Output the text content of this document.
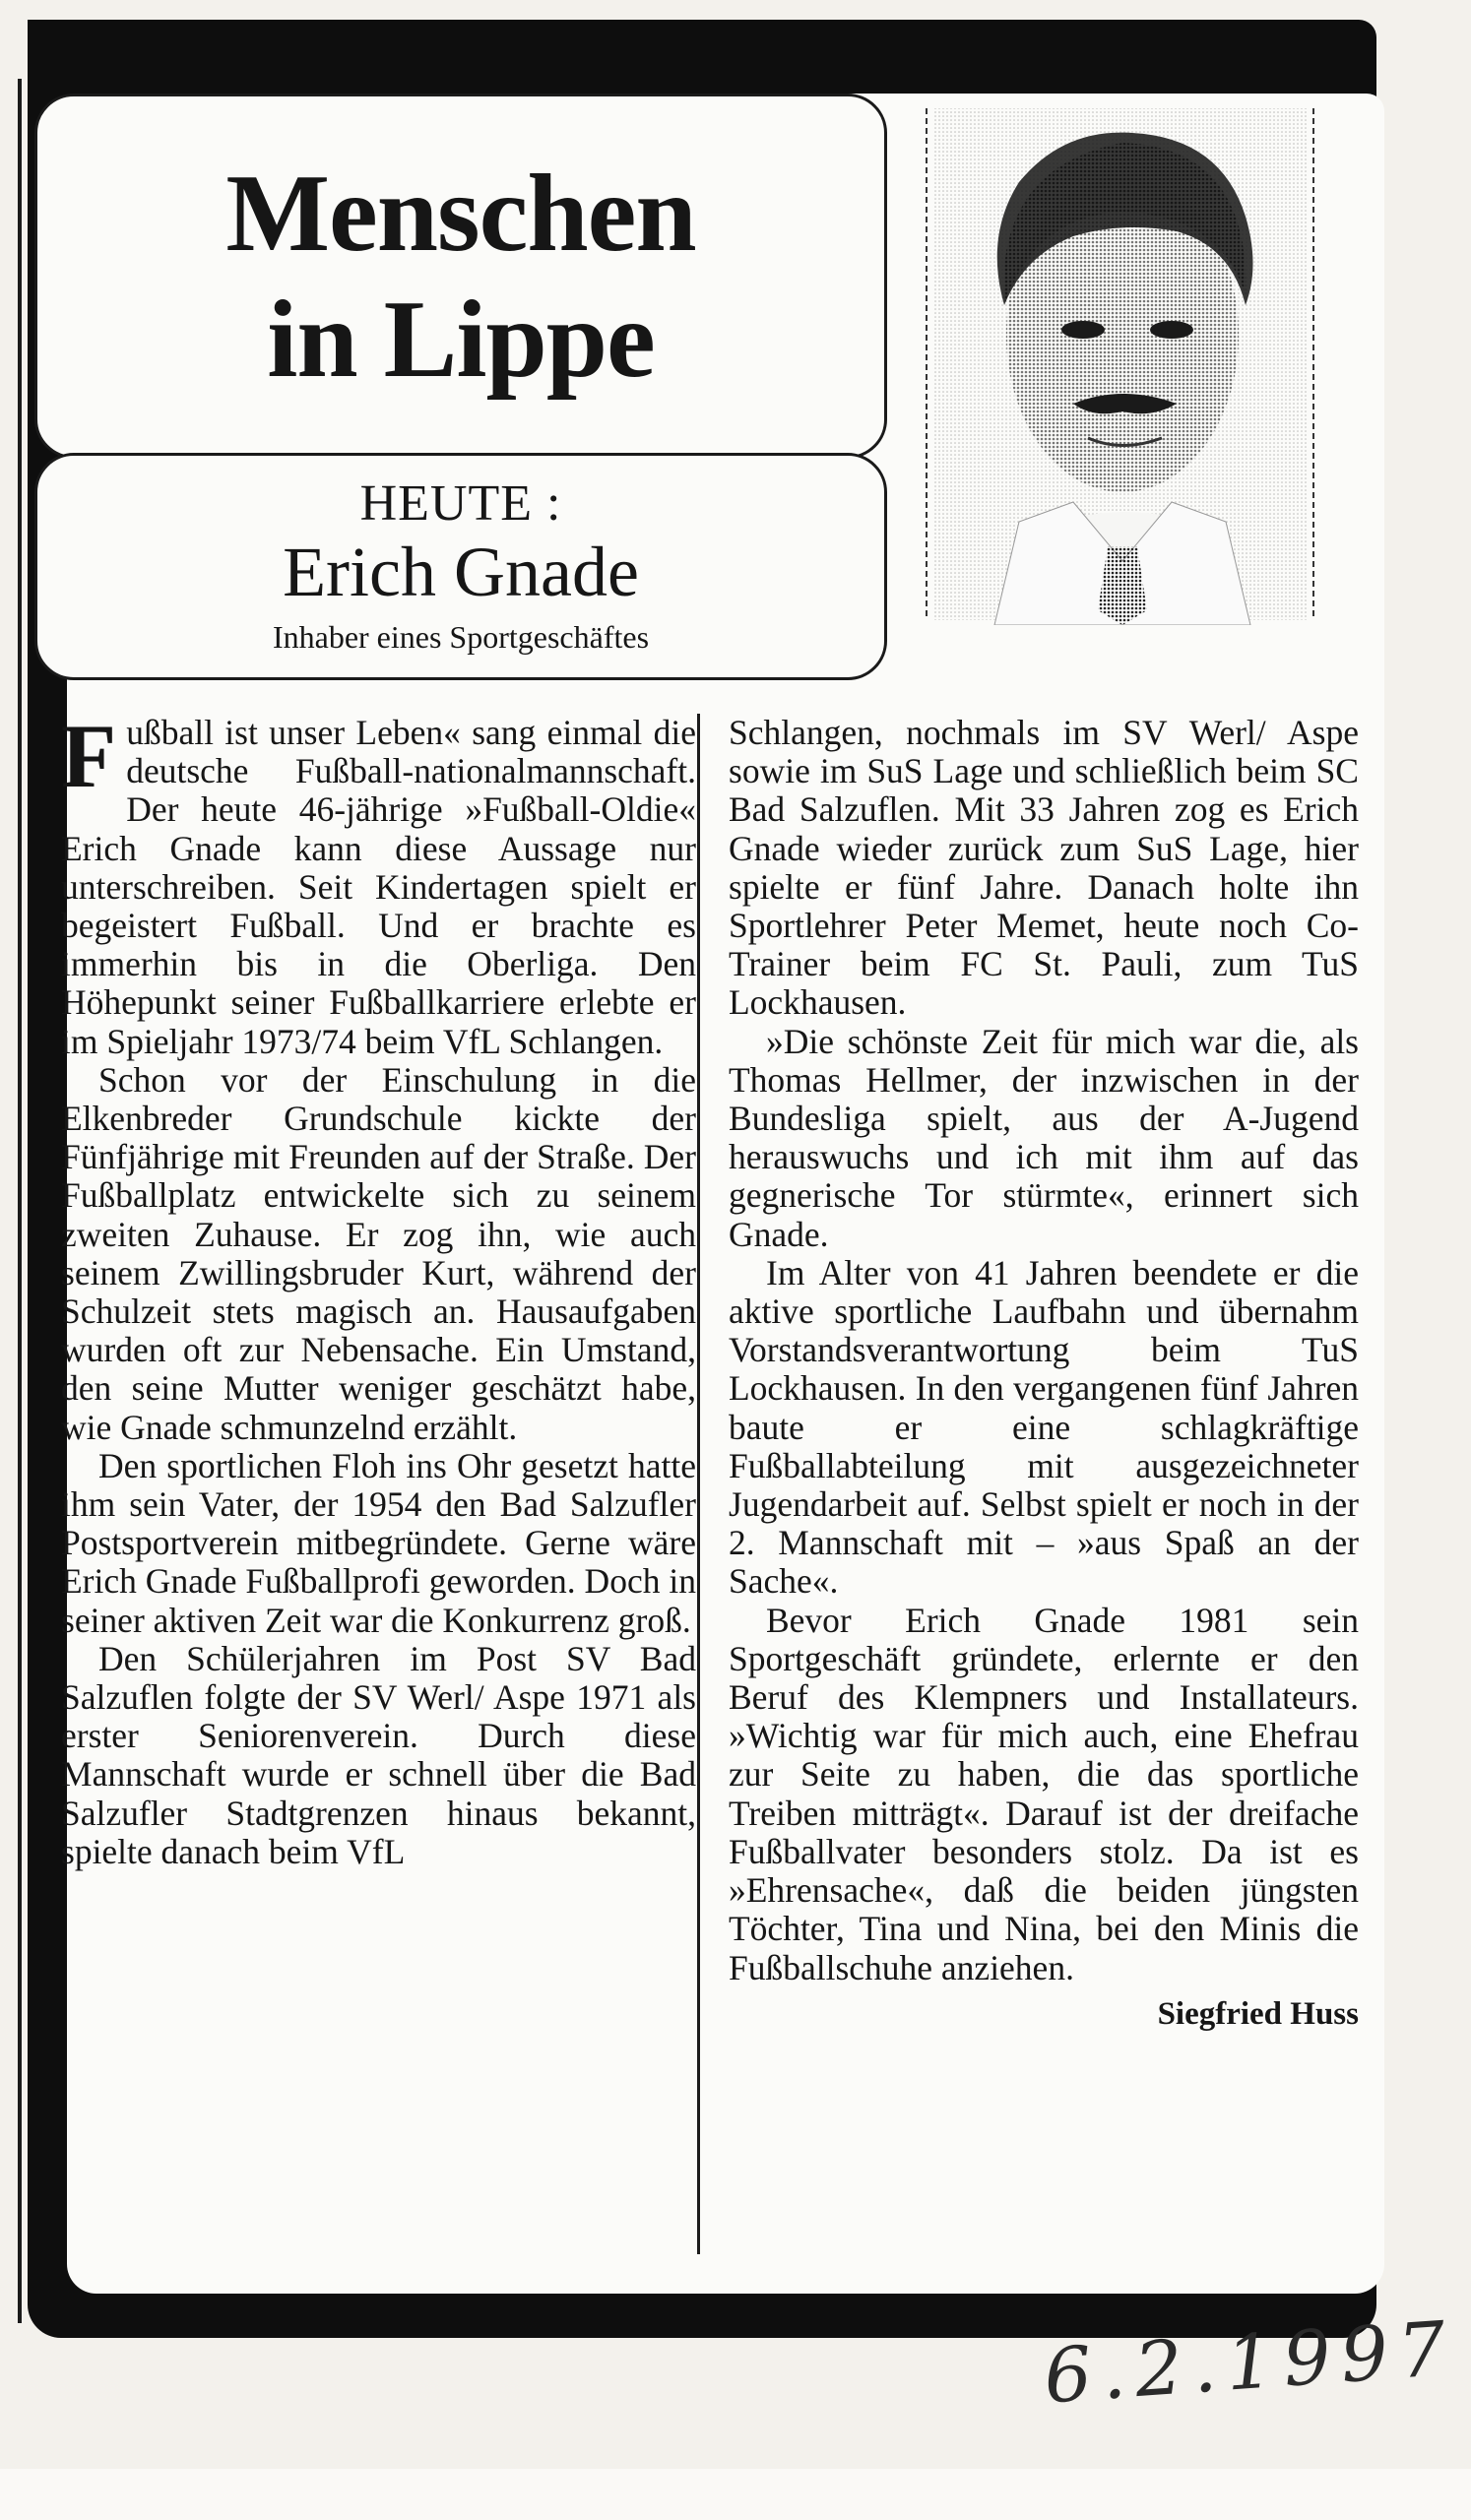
Menschen
in Lippe
HEUTE :
Erich Gnade
Inhaber eines Sportgeschäftes

Fußball ist unser Leben« sang einmal die deutsche Fußball-nationalmannschaft. Der heute 46-jährige »Fußball-Oldie« Erich Gnade kann diese Aussage nur unterschreiben. Seit Kindertagen spielt er begeistert Fußball. Und er brachte es immerhin bis in die Oberliga. Den Höhepunkt seiner Fußballkarriere erlebte er im Spieljahr 1973/74 beim VfL Schlangen.

Schon vor der Einschulung in die Elkenbreder Grundschule kickte der Fünfjährige mit Freunden auf der Straße. Der Fußballplatz entwickelte sich zu seinem zweiten Zuhause. Er zog ihn, wie auch seinem Zwillingsbruder Kurt, während der Schulzeit stets magisch an. Hausaufgaben wurden oft zur Nebensache. Ein Umstand, den seine Mutter weniger geschätzt habe, wie Gnade schmunzelnd erzählt.

Den sportlichen Floh ins Ohr gesetzt hatte ihm sein Vater, der 1954 den Bad Salzufler Postsportverein mitbegründete. Gerne wäre Erich Gnade Fußballprofi geworden. Doch in seiner aktiven Zeit war die Konkurrenz groß.

Den Schülerjahren im Post SV Bad Salzuflen folgte der SV Werl/ Aspe 1971 als erster Seniorenverein. Durch diese Mannschaft wurde er schnell über die Bad Salzufler Stadtgrenzen hinaus bekannt, spielte danach beim VfL

Schlangen, nochmals im SV Werl/ Aspe sowie im SuS Lage und schließlich beim SC Bad Salzuflen. Mit 33 Jahren zog es Erich Gnade wieder zurück zum SuS Lage, hier spielte er fünf Jahre. Danach holte ihn Sportlehrer Peter Memet, heute noch Co-Trainer beim FC St. Pauli, zum TuS Lockhausen.

»Die schönste Zeit für mich war die, als Thomas Hellmer, der inzwischen in der Bundesliga spielt, aus der A-Jugend herauswuchs und ich mit ihm auf das gegnerische Tor stürmte«, erinnert sich Gnade.

Im Alter von 41 Jahren beendete er die aktive sportliche Laufbahn und übernahm Vorstandsverantwortung beim TuS Lockhausen. In den vergangenen fünf Jahren baute er eine schlagkräftige Fußballabteilung mit ausgezeichneter Jugendarbeit auf. Selbst spielt er noch in der 2. Mannschaft mit – »aus Spaß an der Sache«.

Bevor Erich Gnade 1981 sein Sportgeschäft gründete, erlernte er den Beruf des Klempners und Installateurs. »Wichtig war für mich auch, eine Ehefrau zur Seite zu haben, die das sportliche Treiben mitträgt«. Darauf ist der dreifache Fußballvater besonders stolz. Da ist es »Ehrensache«, daß die beiden jüngsten Töchter, Tina und Nina, bei den Minis die Fußballschuhe anziehen.

Siegfried Huss
6.2.1997
